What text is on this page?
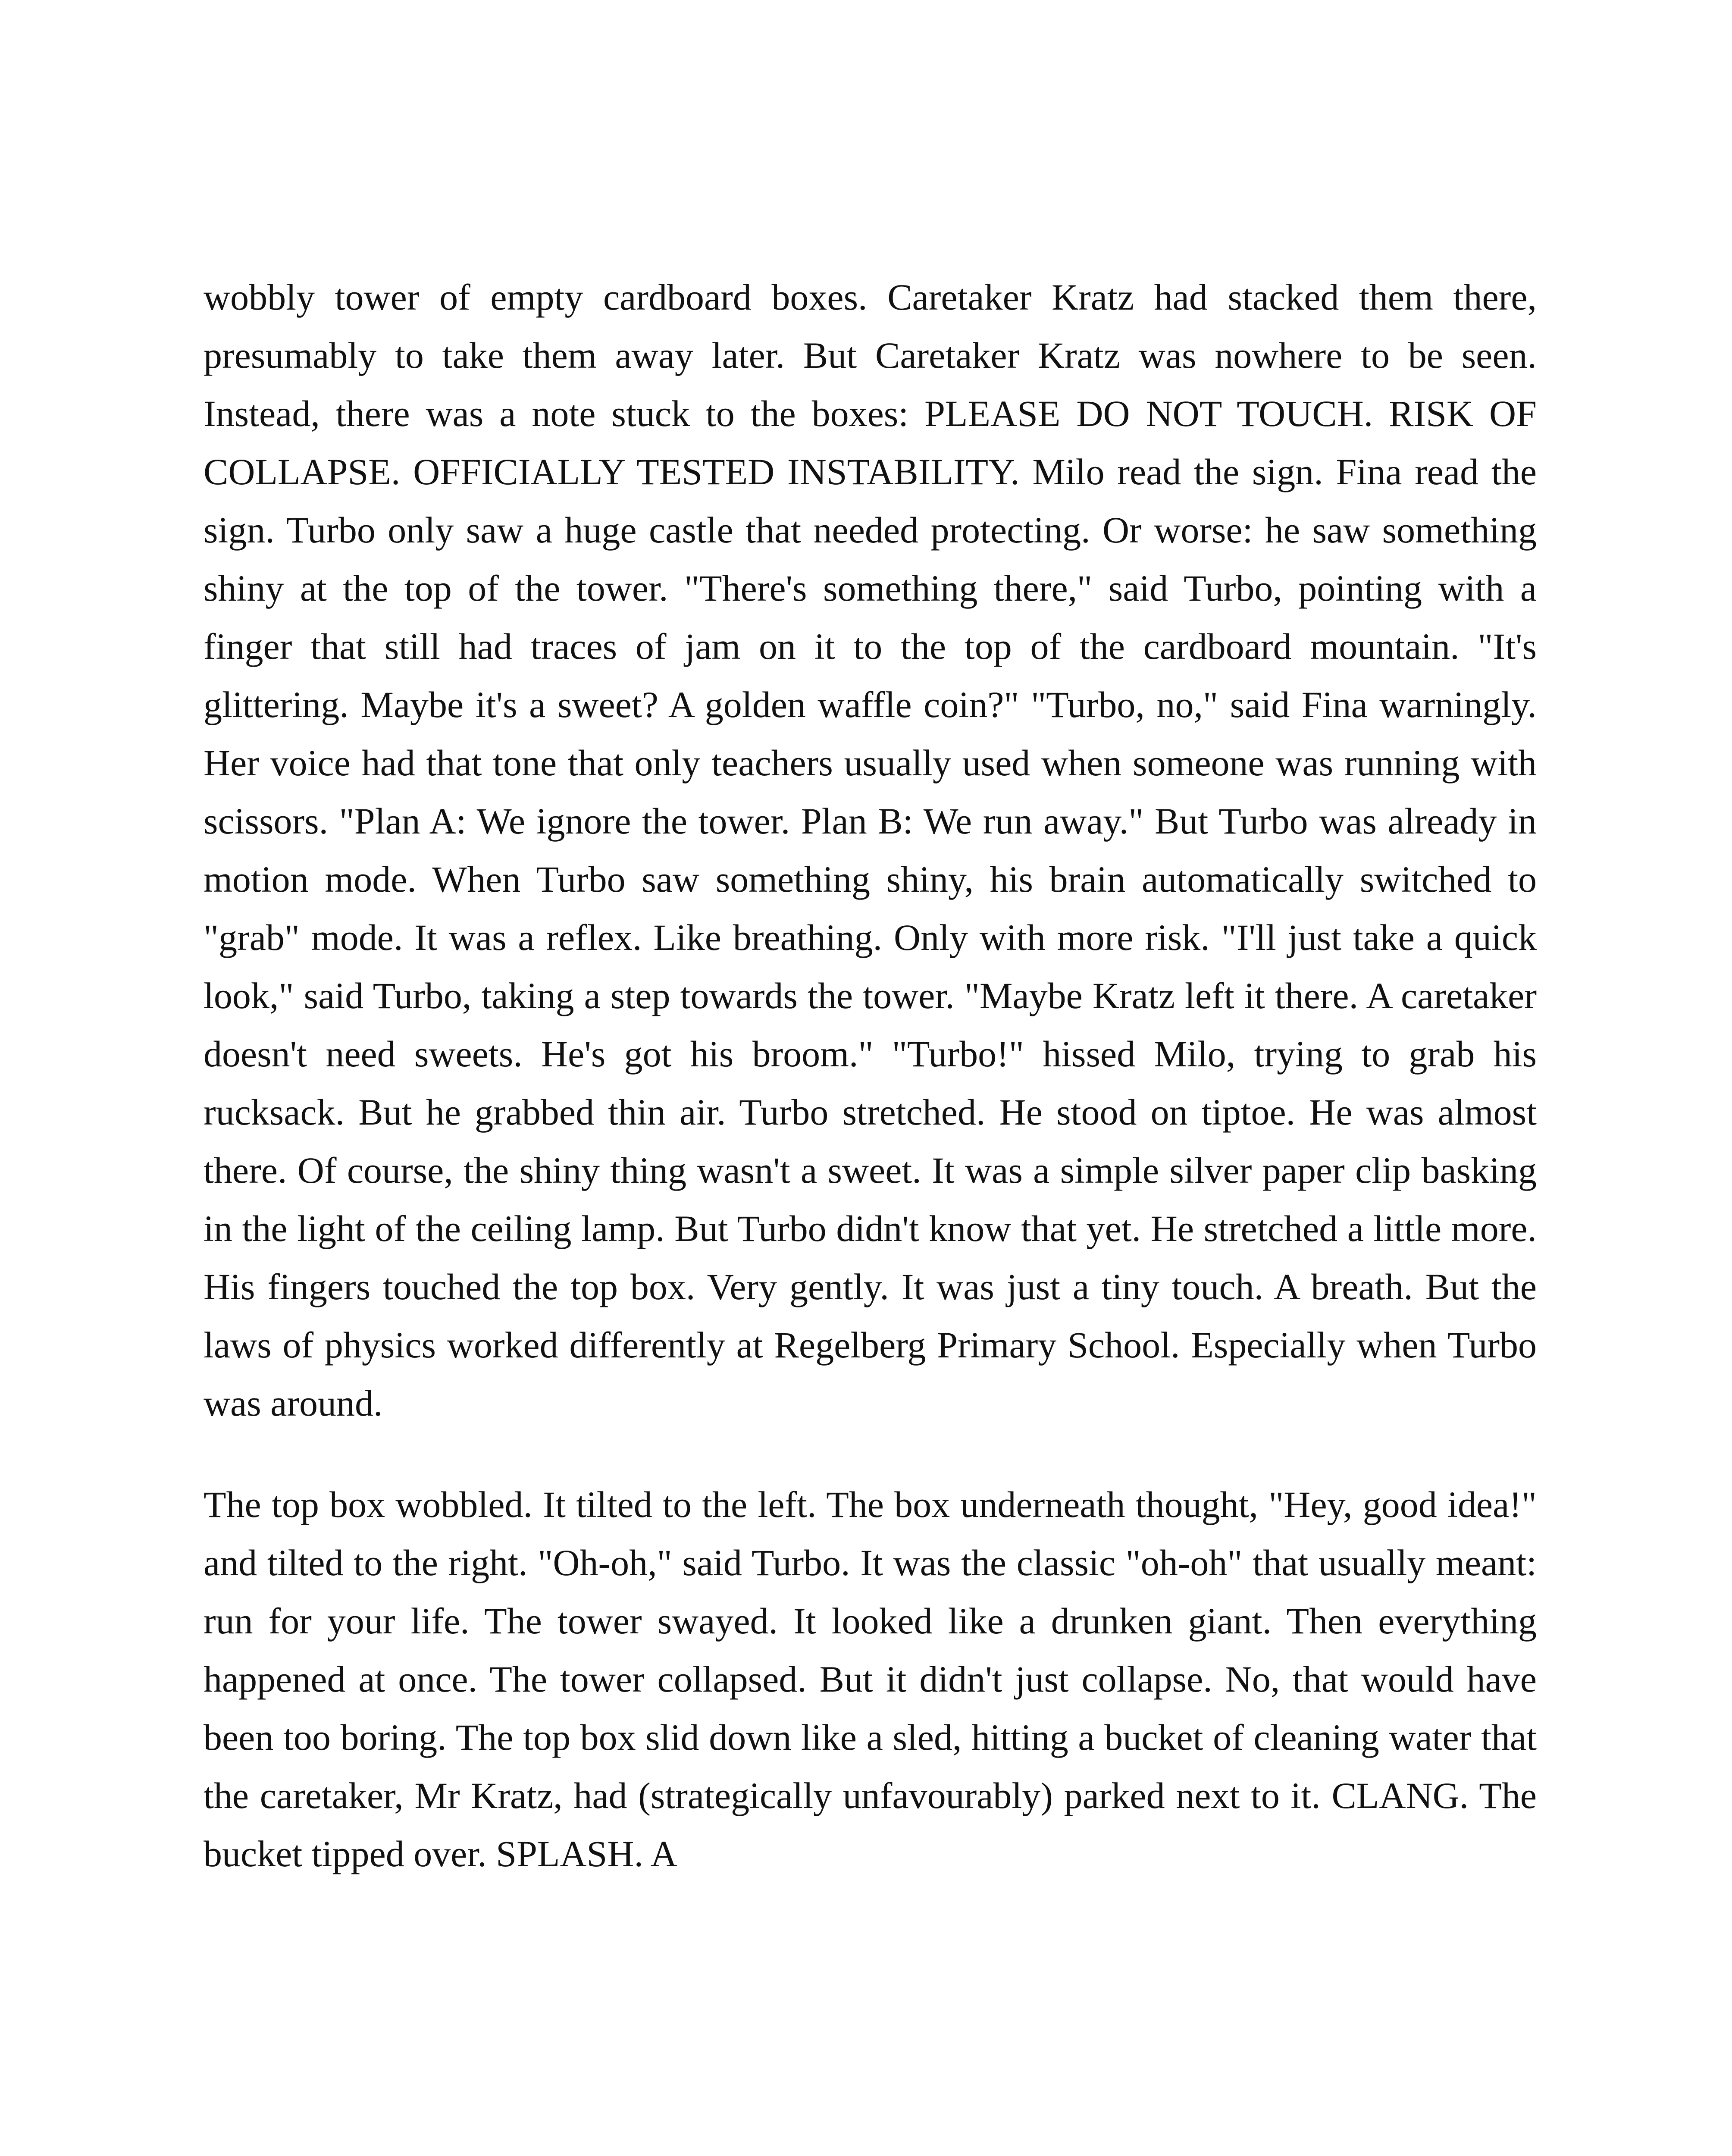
wobbly tower of empty cardboard boxes. Caretaker Kratz had stacked them there, presumably to take them away later. But Caretaker Kratz was nowhere to be seen. Instead, there was a note stuck to the boxes: PLEASE DO NOT TOUCH. RISK OF COLLAPSE. OFFICIALLY TESTED INSTABILITY. Milo read the sign. Fina read the sign. Turbo only saw a huge castle that needed protecting. Or worse: he saw something shiny at the top of the tower. "There's something there," said Turbo, pointing with a finger that still had traces of jam on it to the top of the cardboard mountain. "It's glittering. Maybe it's a sweet? A golden waffle coin?" "Turbo, no," said Fina warningly. Her voice had that tone that only teachers usually used when someone was running with scissors. "Plan A: We ignore the tower. Plan B: We run away." But Turbo was already in motion mode. When Turbo saw something shiny, his brain automatically switched to "grab" mode. It was a reflex. Like breathing. Only with more risk. "I'll just take a quick look," said Turbo, taking a step towards the tower. "Maybe Kratz left it there. A caretaker doesn't need sweets. He's got his broom." "Turbo!" hissed Milo, trying to grab his rucksack. But he grabbed thin air. Turbo stretched. He stood on tiptoe. He was almost there. Of course, the shiny thing wasn't a sweet. It was a simple silver paper clip basking in the light of the ceiling lamp. But Turbo didn't know that yet. He stretched a little more. His fingers touched the top box. Very gently. It was just a tiny touch. A breath. But the laws of physics worked differently at Regelberg Primary School. Especially when Turbo was around.

The top box wobbled. It tilted to the left. The box underneath thought, "Hey, good idea!" and tilted to the right. "Oh-oh," said Turbo. It was the classic "oh-oh" that usually meant: run for your life. The tower swayed. It looked like a drunken giant. Then everything happened at once. The tower collapsed. But it didn't just collapse. No, that would have been too boring. The top box slid down like a sled, hitting a bucket of cleaning water that the caretaker, Mr Kratz, had (strategically unfavourably) parked next to it. CLANG. The bucket tipped over. SPLASH. A
